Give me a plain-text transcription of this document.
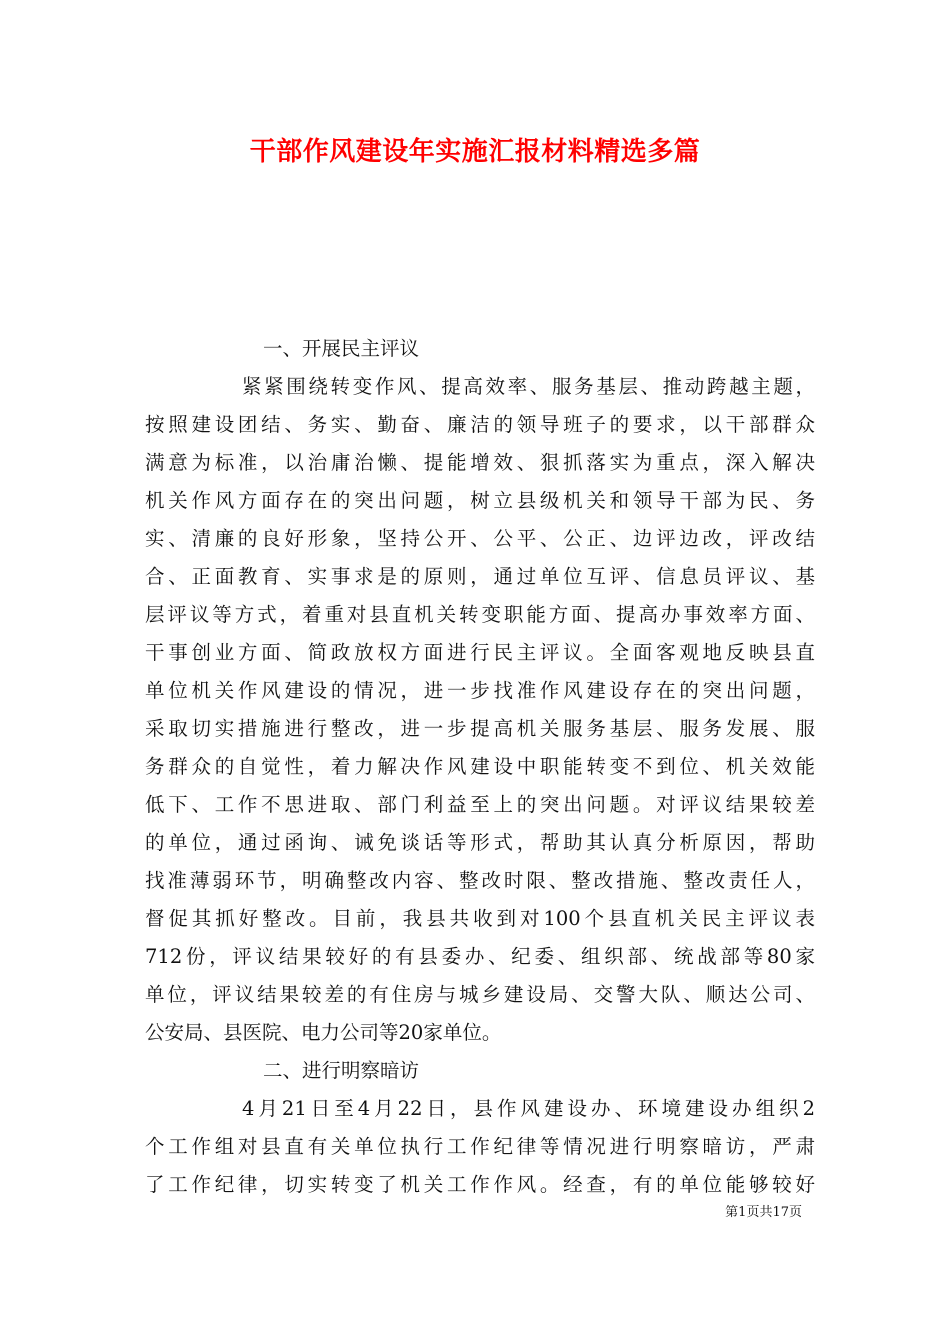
干部作风建设年实施汇报材料精选多篇
一、开展民主评议
紧紧围绕转变作风、提高效率、服务基层、推动跨越主题，
按照建设团结、务实、勤奋、廉洁的领导班子的要求，以干部群众
满意为标准，以治庸治懒、提能增效、狠抓落实为重点，深入解决
机关作风方面存在的突出问题，树立县级机关和领导干部为民、务
实、清廉的良好形象，坚持公开、公平、公正、边评边改，评改结
合、正面教育、实事求是的原则，通过单位互评、信息员评议、基
层评议等方式，着重对县直机关转变职能方面、提高办事效率方面、
干事创业方面、简政放权方面进行民主评议。全面客观地反映县直
单位机关作风建设的情况，进一步找准作风建设存在的突出问题，
采取切实措施进行整改，进一步提高机关服务基层、服务发展、服
务群众的自觉性，着力解决作风建设中职能转变不到位、机关效能
低下、工作不思进取、部门利益至上的突出问题。对评议结果较差
的单位，通过函询、诫免谈话等形式，帮助其认真分析原因，帮助
找准薄弱环节，明确整改内容、整改时限、整改措施、整改责任人，
督促其抓好整改。目前，我县共收到对100个县直机关民主评议表
712份，评议结果较好的有县委办、纪委、组织部、统战部等80家
单位，评议结果较差的有住房与城乡建设局、交警大队、顺达公司、
公安局、县医院、电力公司等20家单位。
二、进行明察暗访
4月21日至4月22日，县作风建设办、环境建设办组织2
个工作组对县直有关单位执行工作纪律等情况进行明察暗访，严肃
了工作纪律，切实转变了机关工作作风。经查，有的单位能够较好
第1页共17页
